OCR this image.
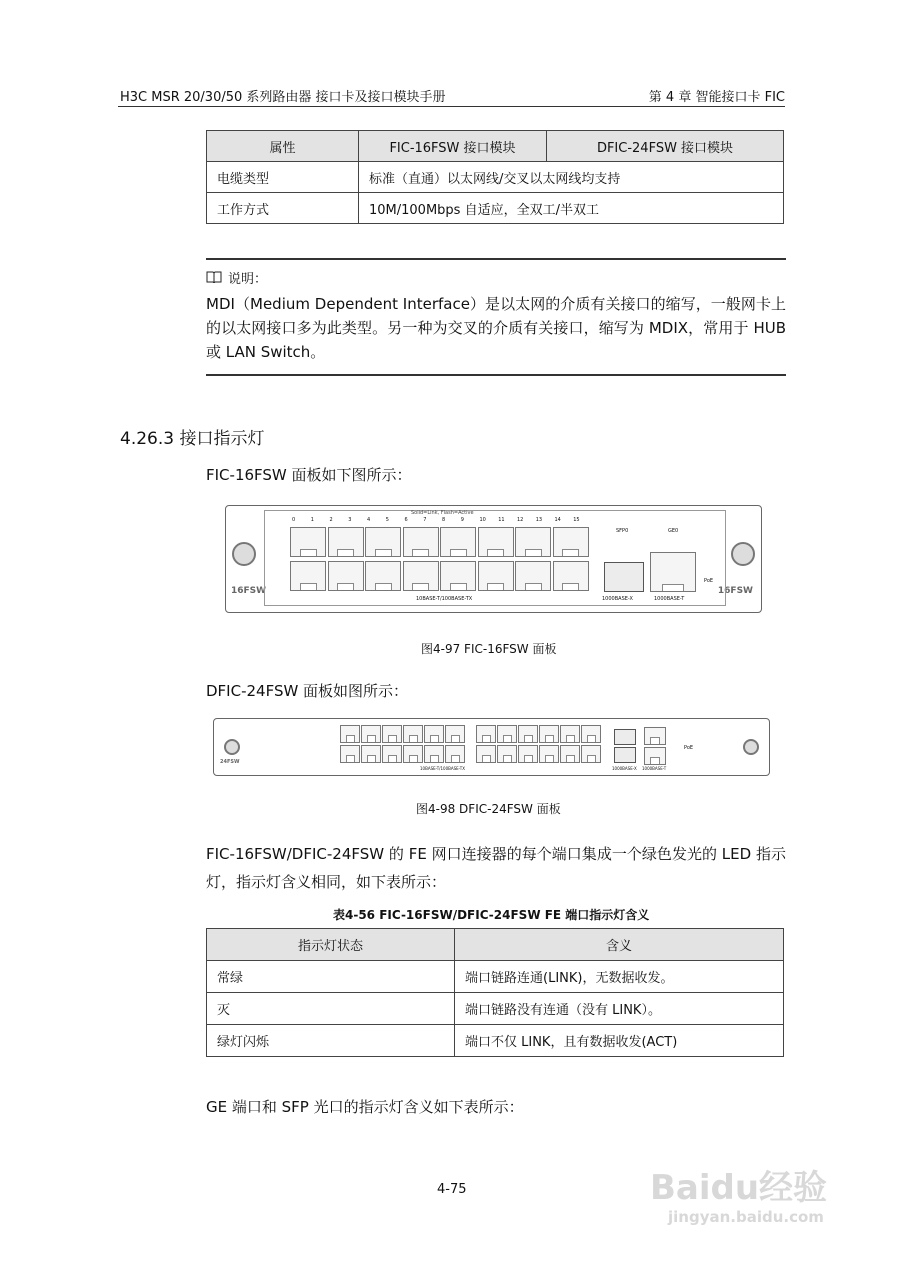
H3C MSR 20/30/50 系列路由器 接口卡及接口模块手册	第 4 章 智能接口卡 FIC
属性	FIC-16FSW 接口模块	DFIC-24FSW 接口模块
电缆类型	标准（直通）以太网线/交叉以太网线均支持	
工作方式	10M/100Mbps 自适应，全双工/半双工	
说明：
MDI（Medium Dependent Interface）是以太网的介质有关接口的缩写，一般网卡上的以太网接口多为此类型。另一种为交叉的介质有关接口，缩写为 MDIX，常用于 HUB 或 LAN Switch。
4.26.3 接口指示灯
FIC-16FSW 面板如下图所示：
16FSW	16FSW
Solid=Link, Flash=Active
0	1	2	3	4	5	6	7	8	9	10 11 12 13 14 15
SFP0	GE0
PoE
10BASE-T/100BASE-TX	1000BASE-X	1000BASE-T
图4-97 FIC-16FSW 面板
DFIC-24FSW 面板如图所示：
24FSW
PoE
10BASE-T/100BASE-TX	1000BASE-X 1000BASE-T
图4-98 DFIC-24FSW 面板
FIC-16FSW/DFIC-24FSW 的 FE 网口连接器的每个端口集成一个绿色发光的 LED 指示灯，指示灯含义相同，如下表所示：
表4-56 FIC-16FSW/DFIC-24FSW FE 端口指示灯含义
指示灯状态	含义
常绿	端口链路连通(LINK)，无数据收发。
灭	端口链路没有连通（没有 LINK）。
绿灯闪烁	端口不仅 LINK，且有数据收发(ACT)
GE 端口和 SFP 光口的指示灯含义如下表所示：
4-75	Baidu经验
jingyan.baidu.com
